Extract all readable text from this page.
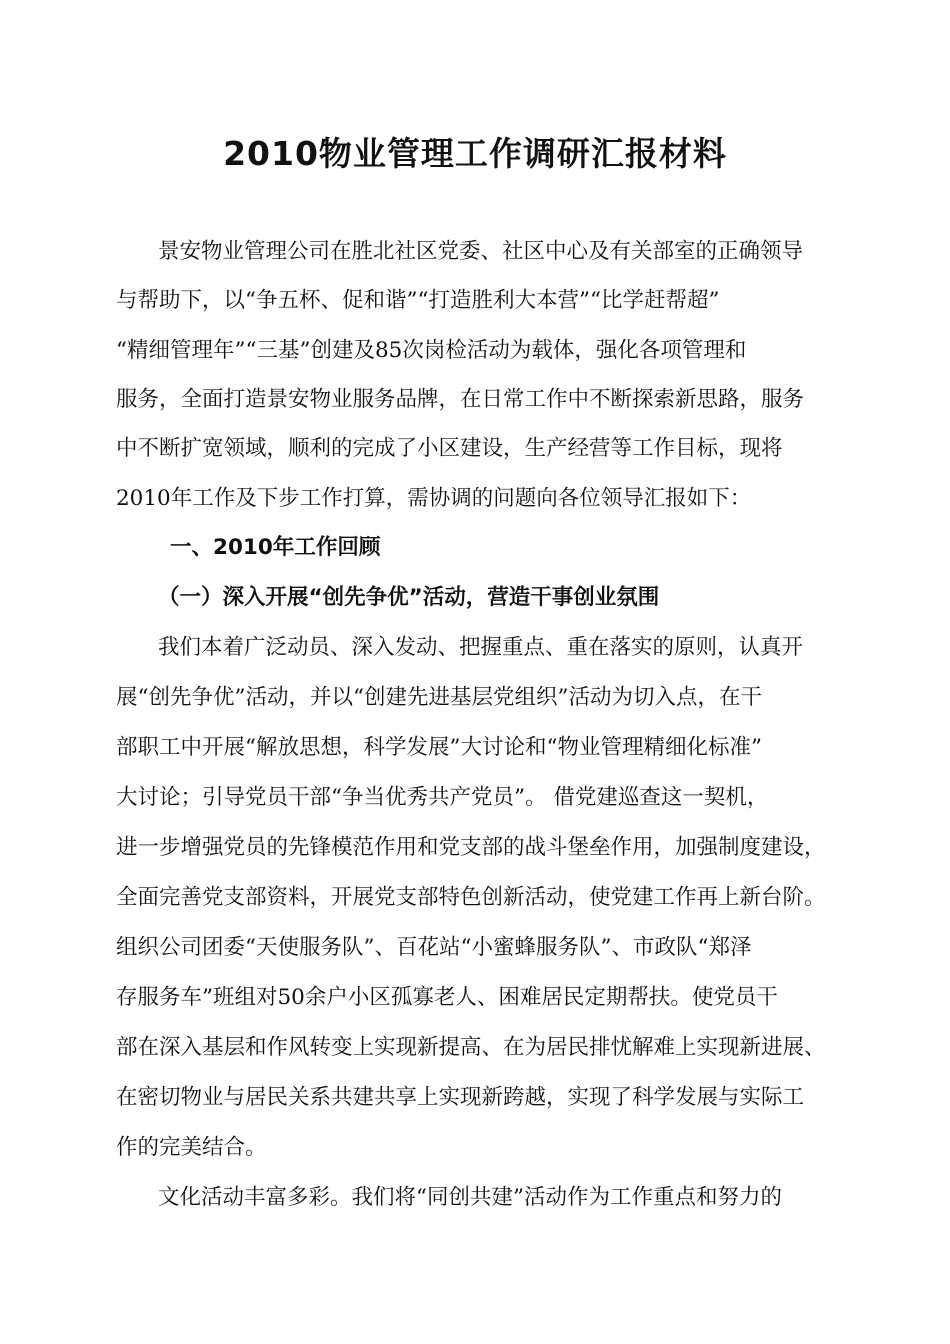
2010物业管理工作调研汇报材料
景安物业管理公司在胜北社区党委、社区中心及有关部室的正确领导
与帮助下，以“争五杯、促和谐”“打造胜利大本营”“比学赶帮超”
“精细管理年”“三基”创建及85次岗检活动为载体，强化各项管理和
服务，全面打造景安物业服务品牌，在日常工作中不断探索新思路，服务
中不断扩宽领域，顺利的完成了小区建设，生产经营等工作目标，现将
2010年工作及下步工作打算，需协调的问题向各位领导汇报如下：
一、2010年工作回顾
（一）深入开展“创先争优”活动，营造干事创业氛围
我们本着广泛动员、深入发动、把握重点、重在落实的原则，认真开
展“创先争优”活动，并以“创建先进基层党组织”活动为切入点，在干
部职工中开展“解放思想，科学发展”大讨论和“物业管理精细化标准”
大讨论；引导党员干部“争当优秀共产党员”。 借党建巡查这一契机，
进一步增强党员的先锋模范作用和党支部的战斗堡垒作用，加强制度建设，
全面完善党支部资料，开展党支部特色创新活动，使党建工作再上新台阶。
组织公司团委“天使服务队”、百花站“小蜜蜂服务队”、市政队“郑泽
存服务车”班组对50余户小区孤寡老人、困难居民定期帮扶。使党员干
部在深入基层和作风转变上实现新提高、在为居民排忧解难上实现新进展、
在密切物业与居民关系共建共享上实现新跨越，实现了科学发展与实际工
作的完美结合。
文化活动丰富多彩。我们将“同创共建”活动作为工作重点和努力的
